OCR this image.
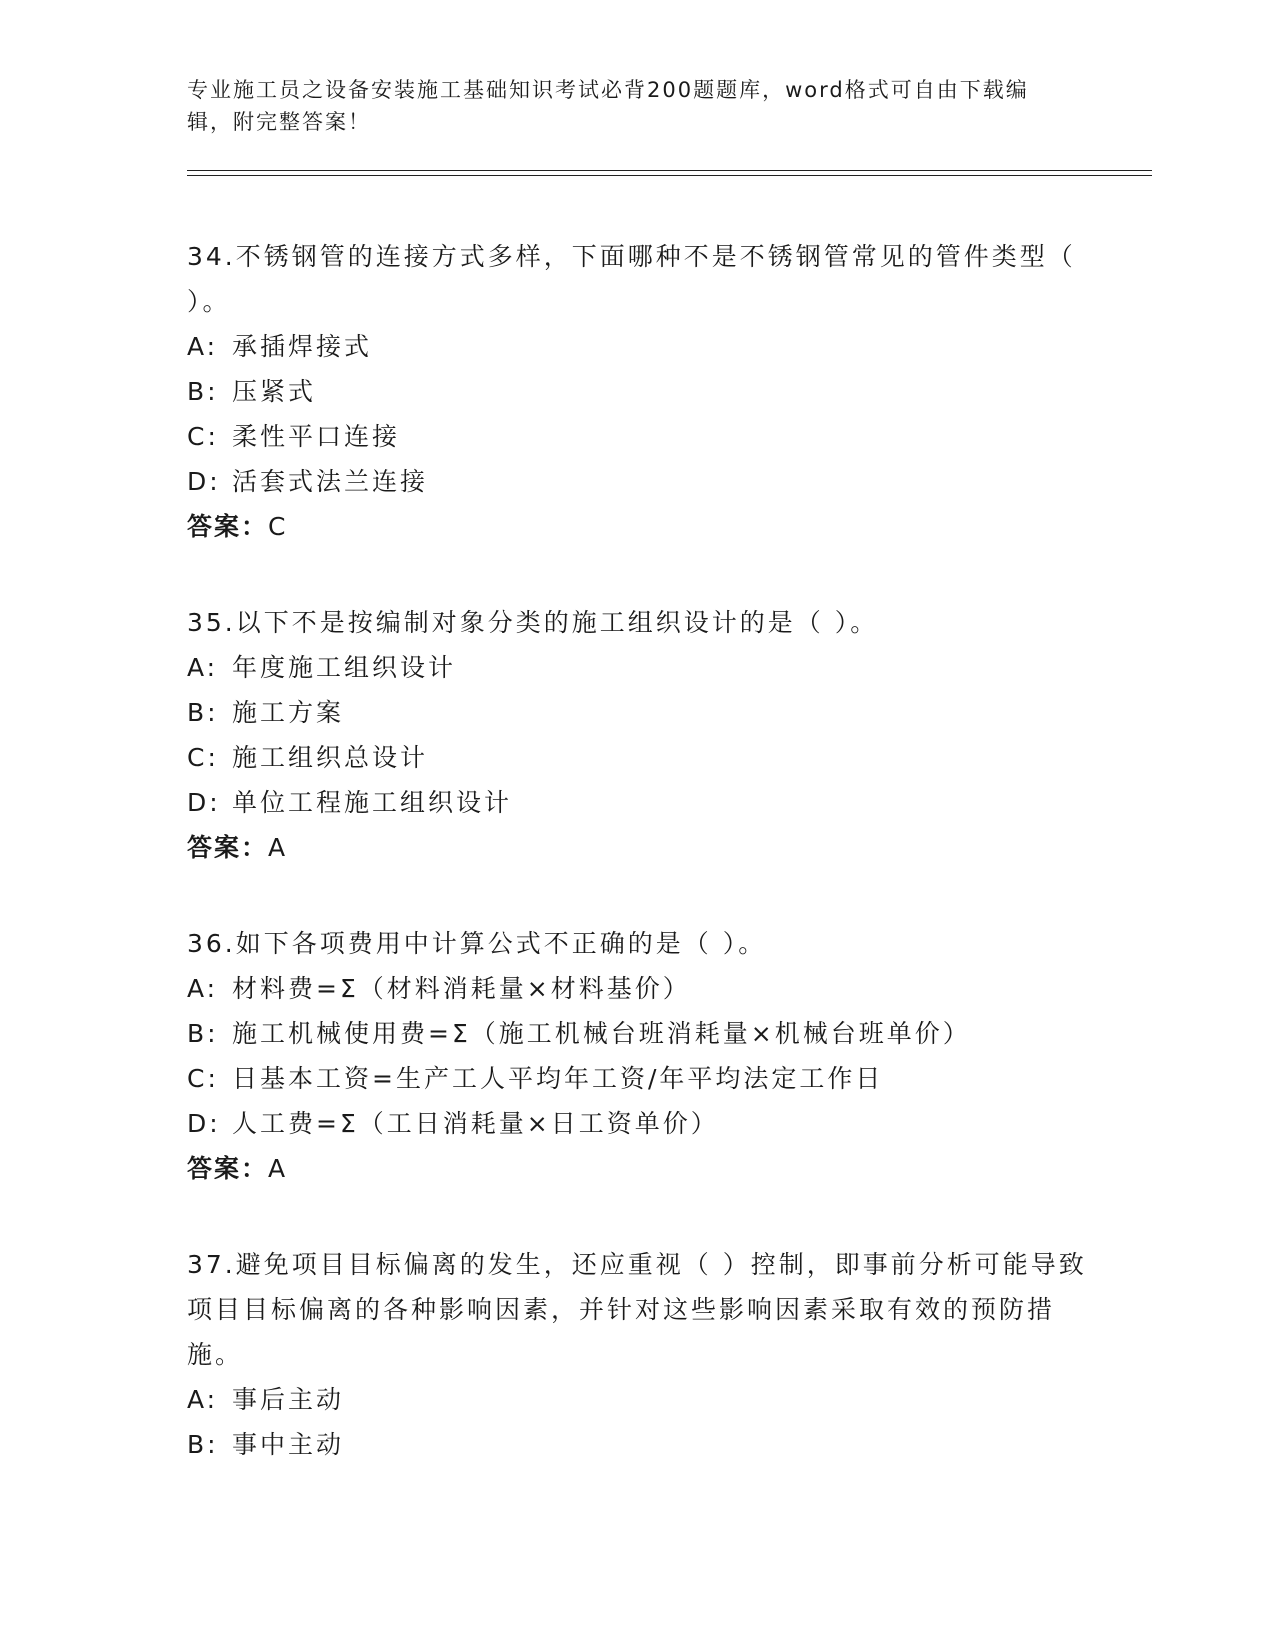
专业施工员之设备安装施工基础知识考试必背200题题库，word格式可自由下载编辑，附完整答案！
34.不锈钢管的连接方式多样，下面哪种不是不锈钢管常见的管件类型（ ）。
A: 承插焊接式
B: 压紧式
C: 柔性平口连接
D: 活套式法兰连接
答案：C
35.以下不是按编制对象分类的施工组织设计的是（ ）。
A: 年度施工组织设计
B: 施工方案
C: 施工组织总设计
D: 单位工程施工组织设计
答案：A
36.如下各项费用中计算公式不正确的是（ ）。
A: 材料费=Σ（材料消耗量×材料基价）
B: 施工机械使用费=Σ（施工机械台班消耗量×机械台班单价）
C: 日基本工资=生产工人平均年工资/年平均法定工作日
D: 人工费=Σ（工日消耗量×日工资单价）
答案：A
37.避免项目目标偏离的发生，还应重视（ ）控制，即事前分析可能导致项目目标偏离的各种影响因素，并针对这些影响因素采取有效的预防措施。
A: 事后主动
B: 事中主动
